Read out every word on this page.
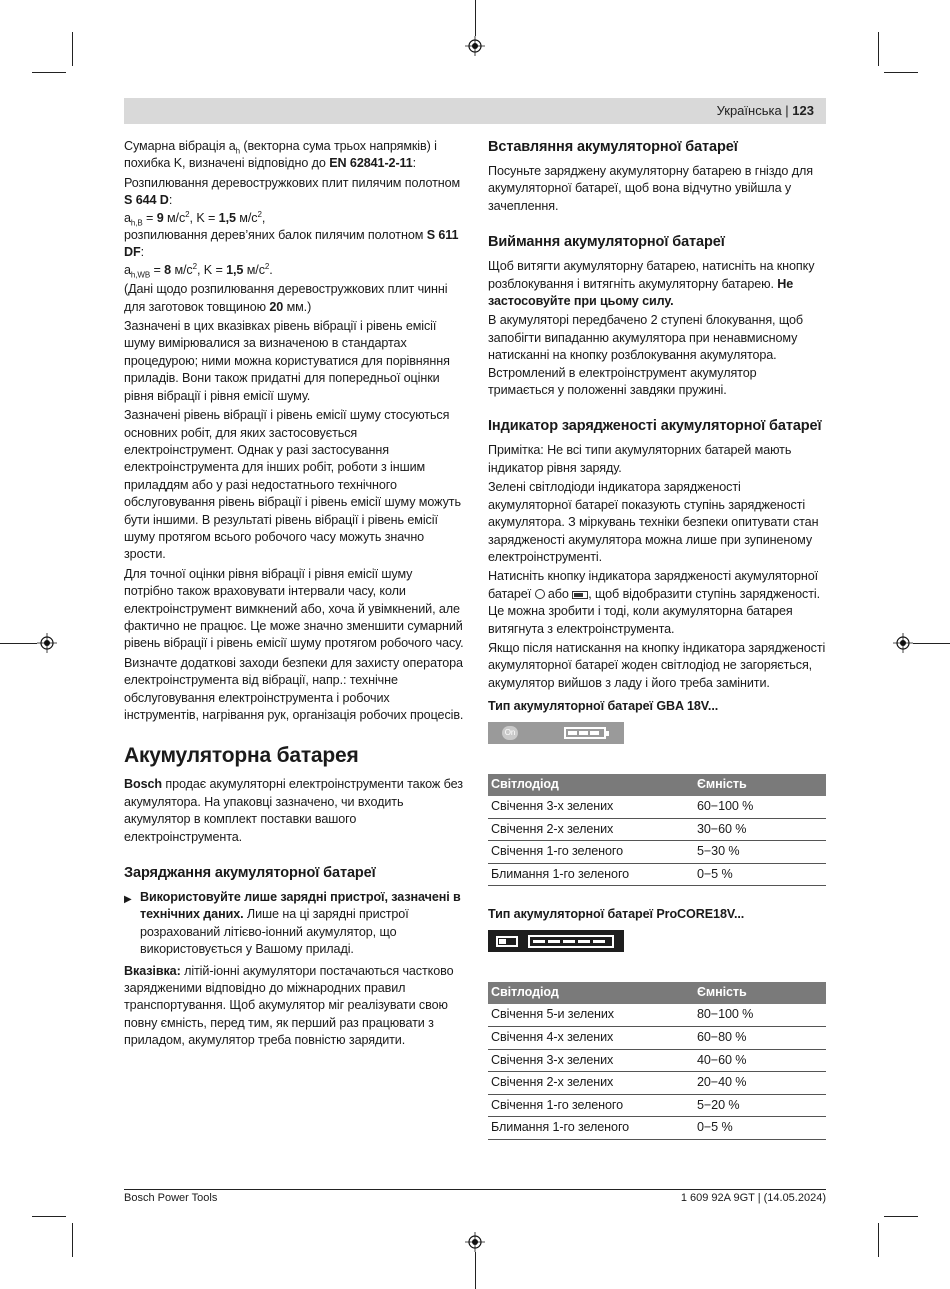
Українська | 123

Сумарна вібрація $a_h$ (векторна сума трьох напрямків) і похибка K, визначені відповідно до EN 62841-2-11:

Розпилювання деревостружкових плит пилячим полотном S 644 D:

$a_{h,B} = 9$ $м/с^2$, K = 1,5 $м/с^2$,

розпилювання дерев’яних балок пилячим полотном S 611 DF:

$a_{h,WB} = 8$ $м/с^2$, K = 1,5 $м/с^2$.

(Дані щодо розпилювання деревостружкових плит чинні для заготовок товщиною 20 мм.)

Зазначені в цих вказівках рівень вібрації і рівень емісії шуму вимірювалися за визначеною в стандартах процедурою; ними можна користуватися для порівняння приладів. Вони також придатні для попередньої оцінки рівня вібрації і рівня емісії шуму.

Зазначені рівень вібрації і рівень емісії шуму стосуються основних робіт, для яких застосовується електроінструмент. Однак у разі застосування електроінструмента для інших робіт, роботи з іншим приладдям або у разі недостатнього технічного обслуговування рівень вібрації і рівень емісії шуму можуть бути іншими. В результаті рівень вібрації і рівень емісії шуму протягом всього робочого часу можуть значно зрости.

Для точної оцінки рівня вібрації і рівня емісії шуму потрібно також враховувати інтервали часу, коли електроінструмент вимкнений або, хоча й увімкнений, але фактично не працює. Це може значно зменшити сумарний рівень вібрації і рівень емісії шуму протягом робочого часу.

Визначте додаткові заходи безпеки для захисту оператора електроінструмента від вібрації, напр.: технічне обслуговування електроінструмента і робочих інструментів, нагрівання рук, організація робочих процесів.

Акумуляторна батарея

Bosch продає акумуляторні електроінструменти також без акумулятора. На упаковці зазначено, чи входить акумулятор в комплект поставки вашого електроінструмента.

Заряджання акумуляторної батареї
▶ Використовуйте лише зарядні пристрої, зазначені в технічних даних. Лише на ці зарядні пристрої розрахований літієво-іонний акумулятор, що використовується у Вашому приладі.

Вказівка: літій-іонні акумулятори постачаються частково зарядженими відповідно до міжнародних правил транспортування. Щоб акумулятор міг реалізувати свою повну ємність, перед тим, як перший раз працювати з приладом, акумулятор треба повністю зарядити.

Вставляння акумуляторної батареї

Посуньте заряджену акумуляторну батарею в гніздо для акумуляторної батареї, щоб вона відчутно увійшла у зачеплення.

Виймання акумуляторної батареї

Щоб витягти акумуляторну батарею, натисніть на кнопку розблокування і витягніть акумуляторну батарею. Не застосовуйте при цьому силу.

В акумуляторі передбачено 2 ступені блокування, щоб запобігти випаданню акумулятора при ненавмисному натисканні на кнопку розблокування акумулятора. Встромлений в електроінструмент акумулятор тримається у положенні завдяки пружині.

Індикатор зарядженості акумуляторної батареї

Примітка: Не всі типи акумуляторних батарей мають індикатор рівня заряду.

Зелені світлодіоди індикатора зарядженості акумуляторної батареї показують ступінь зарядженості акумулятора. З міркувань техніки безпеки опитувати стан зарядженості акумулятора можна лише при зупиненому електроінструменті.

Натисніть кнопку індикатора зарядженості акумуляторної батареї  або
, щоб відобразити ступінь зарядженості. Це можна зробити і тоді, коли акумуляторна батарея витягнута з електроінструмента.

Якщо після натискання на кнопку індикатора зарядженості акумуляторної батареї жоден світлодіод не загоряється, акумулятор вийшов з ладу і його треба замінити.

Тип акумуляторної батареї GBA 18V...
On
Світлодіод	Ємність
Свічення 3-х зелених	60−100 %
Свічення 2-х зелених	30−60 %
Свічення 1-го зеленого	5−30 %
Блимання 1-го зеленого	0−5 %
Тип акумуляторної батареї ProCORE18V...
Світлодіод	Ємність
Свічення 5-и зелених	80−100 %
Свічення 4-х зелених	60−80 %
Свічення 3-х зелених	40−60 %
Свічення 2-х зелених	20−40 %
Свічення 1-го зеленого	5−20 %
Блимання 1-го зеленого	0−5 %
Bosch Power Tools	1 609 92A 9GT | (14.05.2024)
